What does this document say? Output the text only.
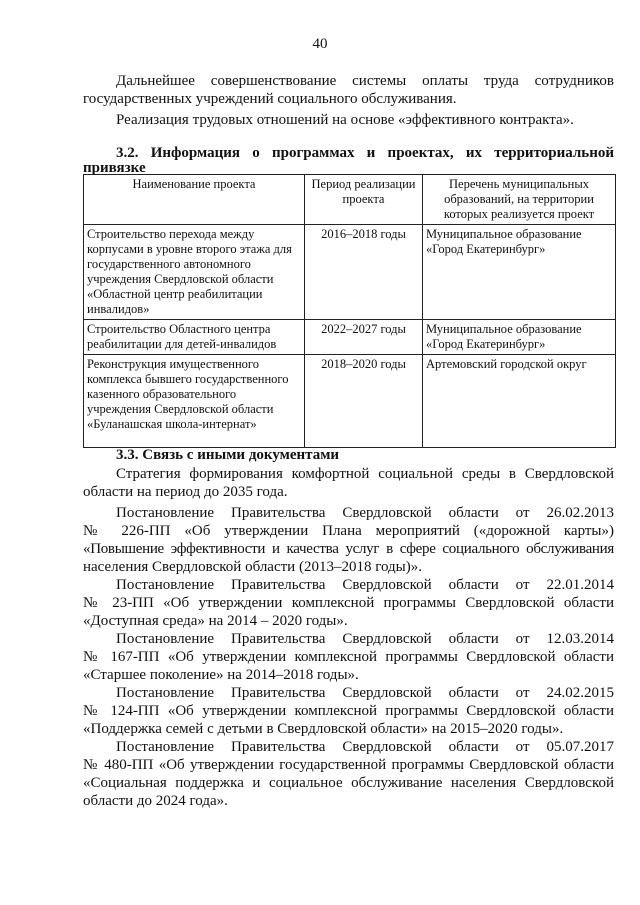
40

Дальнейшее совершенствование системы оплаты труда сотрудников

государственных учреждений социального обслуживания.

Реализация трудовых отношений на основе «эффективного контракта».

3.2. Информация о программах и проектах, их территориальной

привязке

Наименование проекта	Период реализации проекта	Перечень муниципальных образований, на территории которых реализуется проект
Строительство перехода между корпусами в уровне второго этажа для государственного автономного учреждения Свердловской области «Областной центр реабилитации инвалидов»	2016–2018 годы	Муниципальное образование «Город Екатеринбург»
Строительство Областного центра реабилитации для детей-инвалидов	2022–2027 годы	Муниципальное образование «Город Екатеринбург»
Реконструкция имущественного комплекса бывшего государственного казенного образовательного учреждения Свердловской области «Буланашская школа-интернат»	2018–2020 годы	Артемовский городской округ

3.3. Связь с иными документами

Стратегия формирования комфортной социальной среды в Свердловской

области на период до 2035 года.

Постановление Правительства Свердловской области от 26.02.2013

№ 226-ПП «Об утверждении Плана мероприятий («дорожной карты»)

«Повышение эффективности и качества услуг в сфере социального обслуживания

населения Свердловской области (2013–2018 годы)».

Постановление Правительства Свердловской области от 22.01.2014

№ 23-ПП «Об утверждении комплексной программы Свердловской области

«Доступная среда» на 2014 – 2020 годы».

Постановление Правительства Свердловской области от 12.03.2014

№ 167-ПП «Об утверждении комплексной программы Свердловской области

«Старшее поколение» на 2014–2018 годы».

Постановление Правительства Свердловской области от 24.02.2015

№ 124-ПП «Об утверждении комплексной программы Свердловской области

«Поддержка семей с детьми в Свердловской области» на 2015–2020 годы».

Постановление Правительства Свердловской области от 05.07.2017

№ 480-ПП «Об утверждении государственной программы Свердловской области

«Социальная поддержка и социальное обслуживание населения Свердловской

области до 2024 года».
